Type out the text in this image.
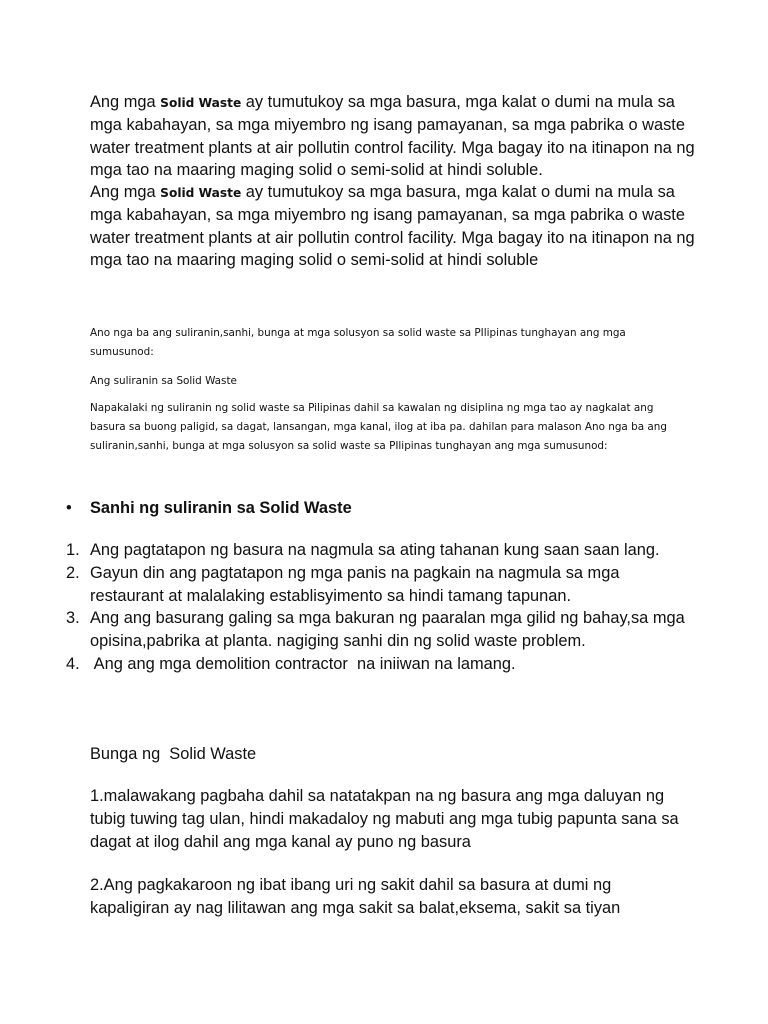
Ang mga Solid Waste ay tumutukoy sa mga basura, mga kalat o dumi na mula sa mga kabahayan, sa mga miyembro ng isang pamayanan, sa mga pabrika o waste water treatment plants at air pollutin control facility. Mga bagay ito na itinapon na ng mga tao na maaring maging solid o semi-solid at hindi soluble.

Ang mga Solid Waste ay tumutukoy sa mga basura, mga kalat o dumi na mula sa mga kabahayan, sa mga miyembro ng isang pamayanan, sa mga pabrika o waste water treatment plants at air pollutin control facility. Mga bagay ito na itinapon na ng mga tao na maaring maging solid o semi-solid at hindi soluble

Ano nga ba ang suliranin,sanhi, bunga at mga solusyon sa solid waste sa PIlipinas tunghayan ang mga sumusunod:

Ang suliranin sa Solid Waste

Napakalaki ng suliranin ng solid waste sa Pilipinas dahil sa kawalan ng disiplina ng mga tao ay nagkalat ang basura sa buong paligid, sa dagat, lansangan, mga kanal, ilog at iba pa. dahilan para malason Ano nga ba ang suliranin,sanhi, bunga at mga solusyon sa solid waste sa PIlipinas tunghayan ang mga sumusunod:

• Sanhi ng suliranin sa Solid Waste

1. Ang pagtatapon ng basura na nagmula sa ating tahanan kung saan saan lang.
2. Gayun din ang pagtatapon ng mga panis na pagkain na nagmula sa mga restaurant at malalaking establisyimento sa hindi tamang tapunan.
3. Ang ang basurang galing sa mga bakuran ng paaralan mga gilid ng bahay,sa mga opisina,pabrika at planta. nagiging sanhi din ng solid waste problem.
4. Ang ang mga demolition contractor  na iniiwan na lamang.

Bunga ng  Solid Waste

1.malawakang pagbaha dahil sa natatakpan na ng basura ang mga daluyan ng tubig tuwing tag ulan, hindi makadaloy ng mabuti ang mga tubig papunta sana sa dagat at ilog dahil ang mga kanal ay puno ng basura

2.Ang pagkakaroon ng ibat ibang uri ng sakit dahil sa basura at dumi ng kapaligiran ay nag lilitawan ang mga sakit sa balat,eksema, sakit sa tiyan
